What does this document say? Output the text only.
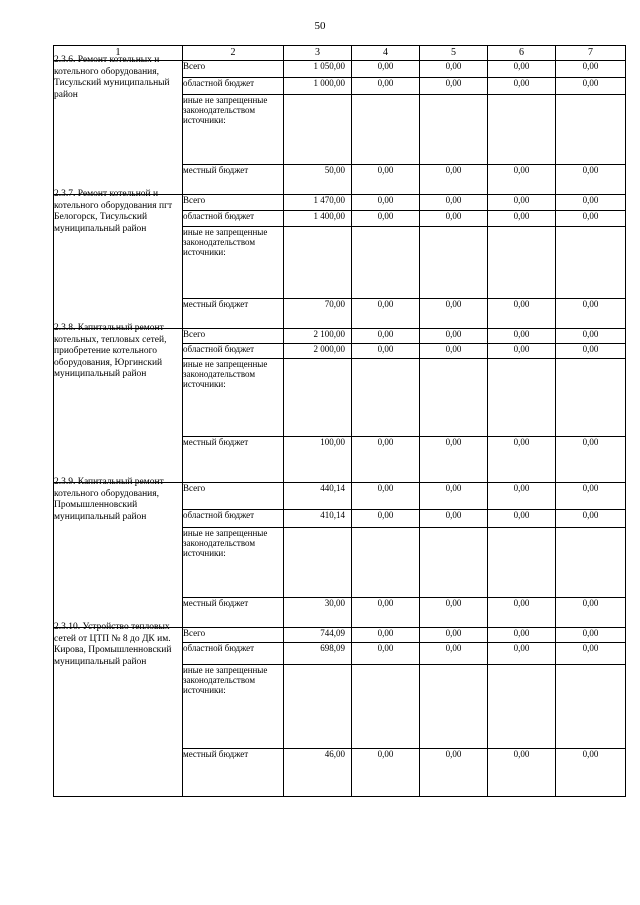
50
1	2	3	4	5	6	7

2.3.6. Ремонт котельных и котельного оборудования, Тисульский муниципальный район	Всего	1 050,00	0,00	0,00	0,00	0,00
	областной бюджет	1 000,00	0,00	0,00	0,00	0,00
	иные не запрещенные законодательством источники:					
	местный бюджет	50,00	0,00	0,00	0,00	0,00

2.3.7. Ремонт котельной и котельного оборудования пгт Белогорск, Тисульский муниципальный район	Всего	1 470,00	0,00	0,00	0,00	0,00
	областной бюджет	1 400,00	0,00	0,00	0,00	0,00
	иные не запрещенные законодательством источники:					
	местный бюджет	70,00	0,00	0,00	0,00	0,00

2.3.8. Капитальный ремонт котельных, тепловых сетей, приобретение котельного оборудования, Юргинский муниципальный район	Всего	2 100,00	0,00	0,00	0,00	0,00
	областной бюджет	2 000,00	0,00	0,00	0,00	0,00
	иные не запрещенные законодательством источники:					
	местный бюджет	100,00	0,00	0,00	0,00	0,00

2.3.9. Капитальный ремонт котельного оборудования, Промышленновский муниципальный район	Всего	440,14	0,00	0,00	0,00	0,00
	областной бюджет	410,14	0,00	0,00	0,00	0,00
	иные не запрещенные законодательством источники:					
	местный бюджет	30,00	0,00	0,00	0,00	0,00

2.3.10. Устройство тепловых сетей от ЦТП № 8 до ДК им. Кирова, Промышленновский муниципальный район	Всего	744,09	0,00	0,00	0,00	0,00
	областной бюджет	698,09	0,00	0,00	0,00	0,00
	иные не запрещенные законодательством источники:					
	местный бюджет	46,00	0,00	0,00	0,00	0,00
